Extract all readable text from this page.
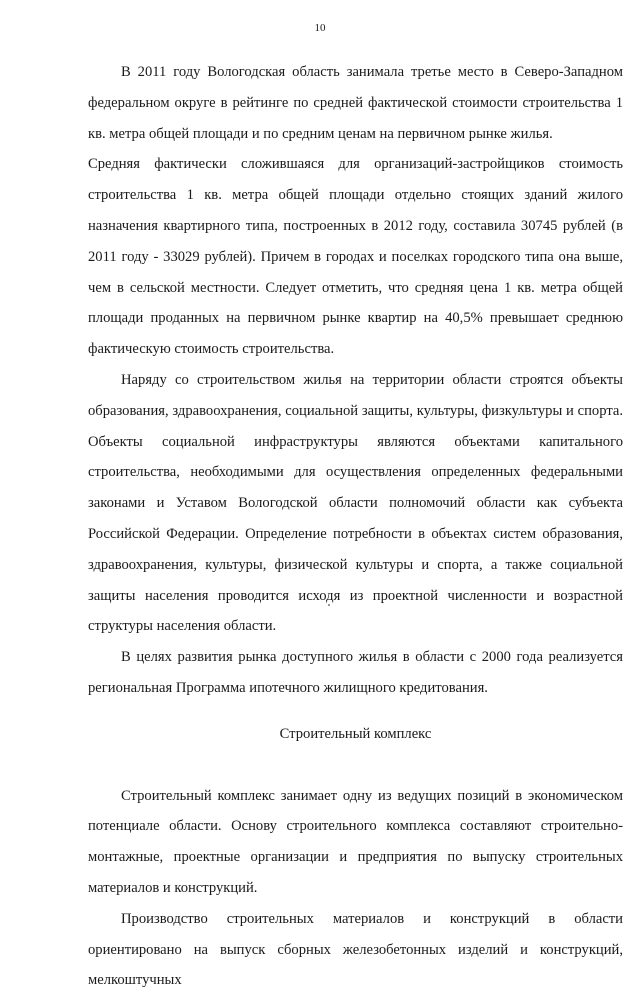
10

В 2011 году Вологодская область занимала третье место в Северо-Западном федеральном округе в рейтинге по средней фактической стоимости строительства 1 кв. метра общей площади и по средним ценам на первичном рынке жилья.

Средняя фактически сложившаяся для организаций-застройщиков стоимость строительства 1 кв. метра общей площади отдельно стоящих зданий жилого назначения квартирного типа, построенных в 2012 году, составила 30745 рублей (в 2011 году - 33029 рублей). Причем в городах и поселках городского типа она выше, чем в сельской местности. Следует отметить, что средняя цена 1 кв. метра общей площади проданных на первичном рынке квартир на 40,5% превышает среднюю фактическую стоимость строительства.

Наряду со строительством жилья на территории области строятся объекты образования, здравоохранения, социальной защиты, культуры, физкультуры и спорта. Объекты социальной инфраструктуры являются объектами капитального строительства, необходимыми для осуществления определенных федеральными законами и Уставом Вологодской области полномочий области как субъекта Российской Федерации. Определение потребности в объектах систем образования, здравоохранения, культуры, физической культуры и спорта, а также социальной защиты населения проводится исходя из проектной численности и возрастной структуры населения области.

В целях развития рынка доступного жилья в области с 2000 года реализуется региональная Программа ипотечного жилищного кредитования.

Строительный комплекс

Строительный комплекс занимает одну из ведущих позиций в экономическом потенциале области. Основу строительного комплекса составляют строительно-монтажные, проектные организации и предприятия по выпуску строительных материалов и конструкций.

Производство строительных материалов и конструкций в области ориентировано на выпуск сборных железобетонных изделий и конструкций, мелкоштучных
